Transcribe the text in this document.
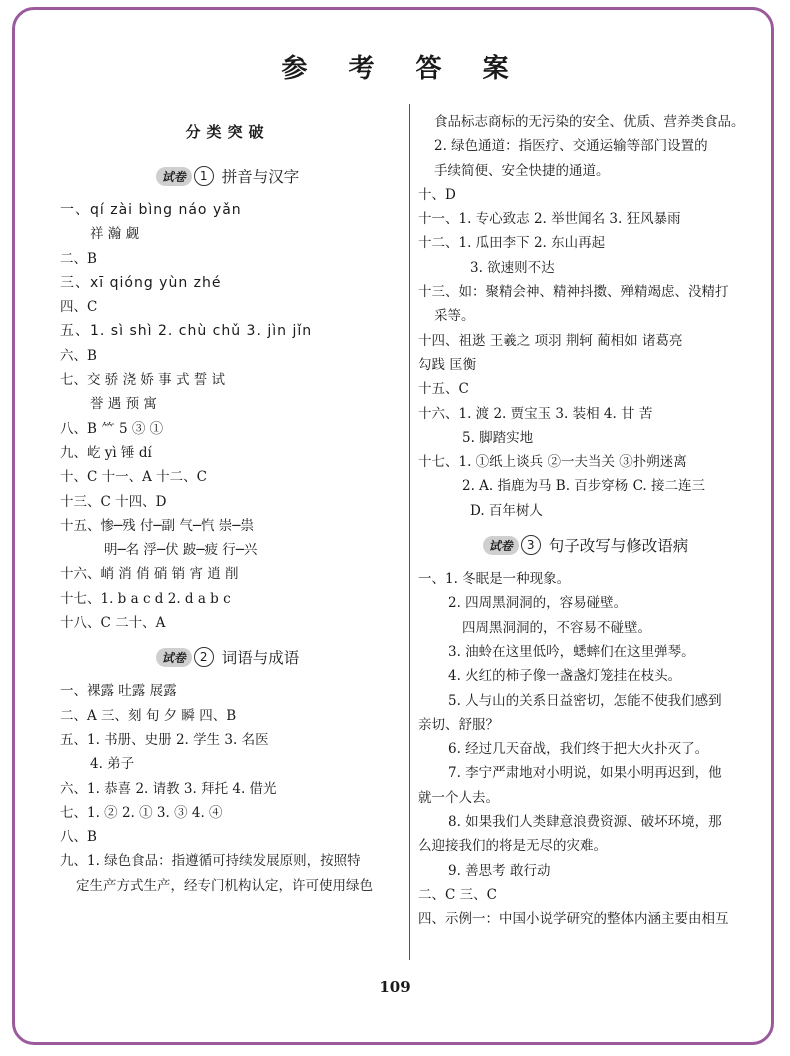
参 考 答 案
分类突破
试卷	1 拼音与汉字
一、qí zài bìng náo yǎn
祥 瀚 觑
二、B
三、xī qióng yùn zhé
四、C
五、1. sì shì 2. chù chǔ 3. jìn jǐn
六、B
七、交 骄 浇 娇 事 式 誓 试
誉 遇 预 寓
八、B ⺮ 5 ③ ①
九、屹 yì 锤 dí
十、C 十一、A 十二、C
十三、C 十四、D
十五、惨─残 付─副 气─忾 崇─祟
明─名 浮─伏 跛─疲 行─兴
十六、峭 消 俏 硝 销 宵 逍 削
十七、1. b a c d 2. d a b c
十八、C 二十、A
试卷	2 词语与成语
一、裸露 吐露 展露
二、A 三、刻 旬 夕 瞬 四、B
五、1. 书册、史册 2. 学生 3. 名医
4. 弟子
六、1. 恭喜 2. 请教 3. 拜托 4. 借光
七、1. ② 2. ① 3. ③ 4. ④
八、B
九、1. 绿色食品：指遵循可持续发展原则，按照特
定生产方式生产，经专门机构认定，许可使用绿色
食品标志商标的无污染的安全、优质、营养类食品。
2. 绿色通道：指医疗、交通运输等部门设置的
手续简便、安全快捷的通道。
十、D
十一、1. 专心致志 2. 举世闻名 3. 狂风暴雨
十二、1. 瓜田李下 2. 东山再起
3. 欲速则不达
十三、如：聚精会神、精神抖擞、殚精竭虑、没精打
采等。
十四、祖逖 王羲之 项羽 荆轲 蔺相如 诸葛亮
勾践 匡衡
十五、C
十六、1. 渡 2. 贾宝玉 3. 装相 4. 甘 苦
5. 脚踏实地
十七、1. ①纸上谈兵 ②一夫当关 ③扑朔迷离
2. A. 指鹿为马 B. 百步穿杨 C. 接二连三
D. 百年树人
试卷	3 句子改写与修改语病
一、1. 冬眠是一种现象。
2. 四周黑洞洞的，容易碰壁。
四周黑洞洞的，不容易不碰壁。
3. 油蛉在这里低吟，蟋蟀们在这里弹琴。
4. 火红的柿子像一盏盏灯笼挂在枝头。
5. 人与山的关系日益密切，怎能不使我们感到
亲切、舒服？
6. 经过几天奋战，我们终于把大火扑灭了。
7. 李宁严肃地对小明说，如果小明再迟到，他
就一个人去。
8. 如果我们人类肆意浪费资源、破坏环境，那
么迎接我们的将是无尽的灾难。
9. 善思考 敢行动
二、C 三、C
四、示例一：中国小说学研究的整体内涵主要由相互
109
